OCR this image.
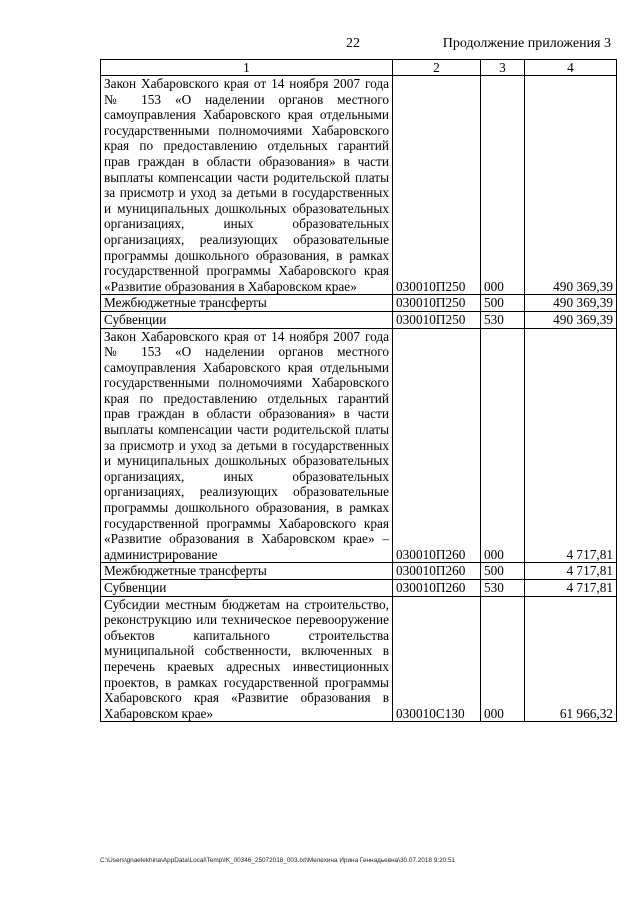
22	Продолжение приложения 3
1	2	3	4
Закон Хабаровского края от 14 ноября 2007 года № 153 «О наделении органов местного самоуправления Хабаровского края отдельными государственными полномочиями Хабаровского края по предоставлению отдельных гарантий прав граждан в области образования» в части выплаты компенсации части родительской платы за присмотр и уход за детьми в государственных и муниципальных дошкольных образовательных организациях, иных образовательных организациях, реализующих образовательные программы дошкольного образования, в рамках государственной программы Хабаровского края «Развитие образования в Хабаровском крае»	030010П250	000	490 369,39
Межбюджетные трансферты	030010П250	500	490 369,39
Субвенции	030010П250	530	490 369,39
Закон Хабаровского края от 14 ноября 2007 года № 153 «О наделении органов местного самоуправления Хабаровского края отдельными государственными полномочиями Хабаровского края по предоставлению отдельных гарантий прав граждан в области образования» в части выплаты компенсации части родительской платы за присмотр и уход за детьми в государственных и муниципальных дошкольных образовательных организациях, иных образовательных организациях, реализующих образовательные программы дошкольного образования, в рамках государственной программы Хабаровского края «Развитие образования в Хабаровском крае» – администрирование	030010П260	000	4 717,81
Межбюджетные трансферты	030010П260	500	4 717,81
Субвенции	030010П260	530	4 717,81
Субсидии местным бюджетам на строительство, реконструкцию или техническое перевооружение объектов капитального строительства муниципальной собственности, включенных в перечень краевых адресных инвестиционных проектов, в рамках государственной программы Хабаровского края «Развитие образования в Хабаровском крае»	030010С130	000	61 966,32
C:\Users\gnaelekhina\AppData\Local\Temp\IK_00346_25072018_003.txt\Мелехина Ирина Геннадьевна\30.07.2018 9:20:51
